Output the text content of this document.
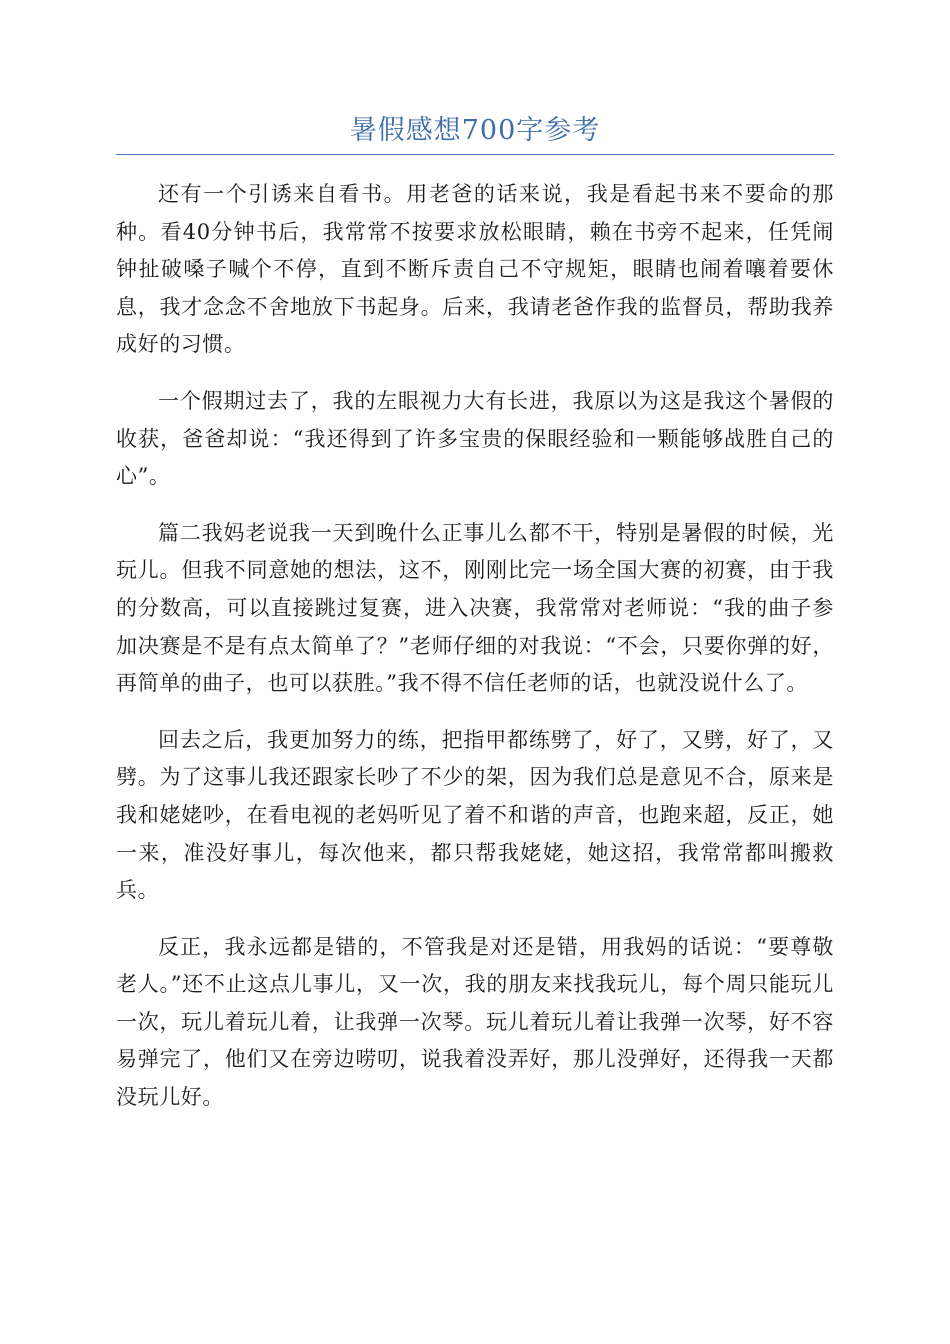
暑假感想700字参考

还有一个引诱来自看书。用老爸的话来说，我是看起书来不要命的那种。看40分钟书后，我常常不按要求放松眼睛，赖在书旁不起来，任凭闹钟扯破嗓子喊个不停，直到不断斥责自己不守规矩，眼睛也闹着嚷着要休息，我才念念不舍地放下书起身。后来，我请老爸作我的监督员，帮助我养成好的习惯。

一个假期过去了，我的左眼视力大有长进，我原以为这是我这个暑假的收获，爸爸却说：“我还得到了许多宝贵的保眼经验和一颗能够战胜自己的心”。

篇二我妈老说我一天到晚什么正事儿么都不干，特别是暑假的时候，光玩儿。但我不同意她的想法，这不，刚刚比完一场全国大赛的初赛，由于我的分数高，可以直接跳过复赛，进入决赛，我常常对老师说：“我的曲子参加决赛是不是有点太简单了？”老师仔细的对我说：“不会，只要你弹的好，再简单的曲子，也可以获胜。”我不得不信任老师的话，也就没说什么了。

回去之后，我更加努力的练，把指甲都练劈了，好了，又劈，好了，又劈。为了这事儿我还跟家长吵了不少的架，因为我们总是意见不合，原来是我和姥姥吵，在看电视的老妈听见了着不和谐的声音，也跑来超，反正，她一来，准没好事儿，每次他来，都只帮我姥姥，她这招，我常常都叫搬救兵。

反正，我永远都是错的，不管我是对还是错，用我妈的话说：“要尊敬老人。”还不止这点儿事儿，又一次，我的朋友来找我玩儿，每个周只能玩儿一次，玩儿着玩儿着，让我弹一次琴。玩儿着玩儿着让我弹一次琴，好不容易弹完了，他们又在旁边唠叨，说我着没弄好，那儿没弹好，还得我一天都没玩儿好。
